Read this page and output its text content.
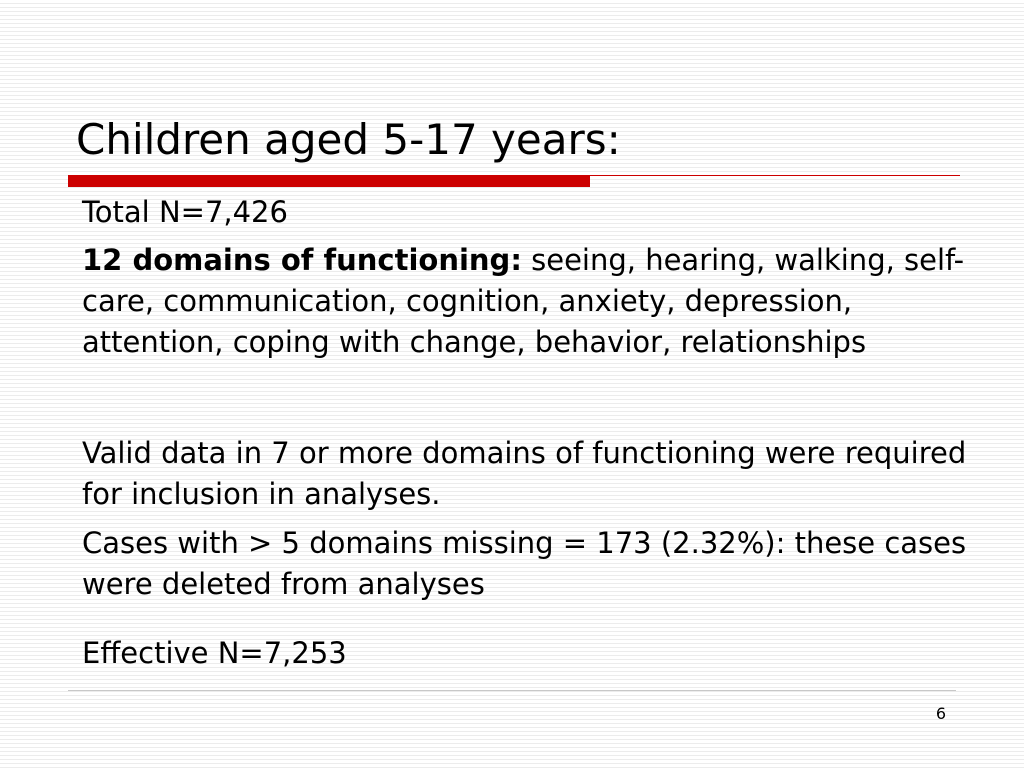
Children aged 5-17 years:
Total N=7,426
12 domains of functioning: seeing, hearing, walking, self-care, communication, cognition, anxiety, depression, attention, coping with change, behavior, relationships
Valid data in 7 or more domains of functioning were required for inclusion in analyses.
Cases with > 5 domains missing = 173 (2.32%): these cases were deleted from analyses
Effective N=7,253
6
